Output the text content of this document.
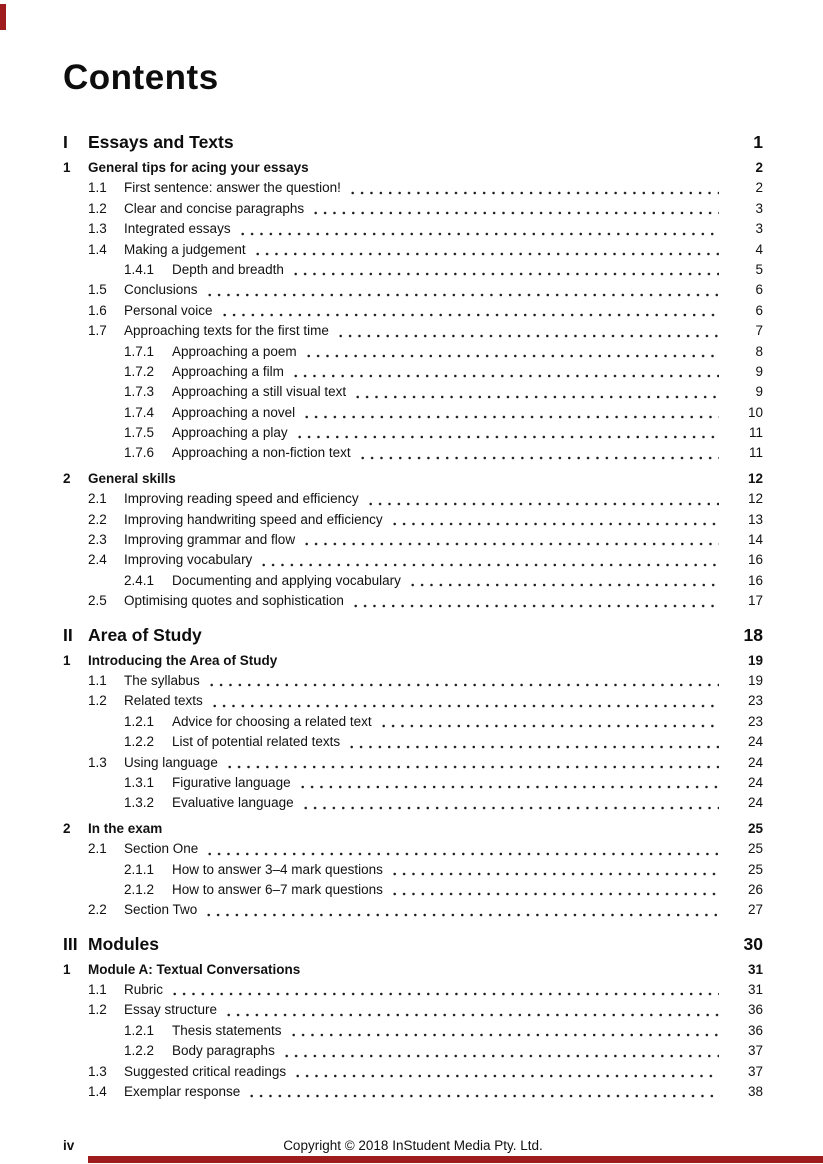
Contents
I	Essays and Texts	1
1	General tips for acing your essays	2
1.1	First sentence: answer the question!	2
1.2	Clear and concise paragraphs	3
1.3	Integrated essays	3
1.4	Making a judgement	4
1.4.1	Depth and breadth	5
1.5	Conclusions	6
1.6	Personal voice	6
1.7	Approaching texts for the first time	7
1.7.1	Approaching a poem	8
1.7.2	Approaching a film	9
1.7.3	Approaching a still visual text	9
1.7.4	Approaching a novel	10
1.7.5	Approaching a play	11
1.7.6	Approaching a non-fiction text	11
2	General skills	12
2.1	Improving reading speed and efficiency	12
2.2	Improving handwriting speed and efficiency	13
2.3	Improving grammar and flow	14
2.4	Improving vocabulary	16
2.4.1	Documenting and applying vocabulary	16
2.5	Optimising quotes and sophistication	17
II Area of Study	18
1	Introducing the Area of Study	19
1.1	The syllabus	19
1.2	Related texts	23
1.2.1	Advice for choosing a related text	23
1.2.2	List of potential related texts	24
1.3	Using language	24
1.3.1	Figurative language	24
1.3.2	Evaluative language	24
2	In the exam	25
2.1	Section One	25
2.1.1	How to answer 3–4 mark questions	25
2.1.2	How to answer 6–7 mark questions	26
2.2	Section Two	27
III Modules	30
1	Module A: Textual Conversations	31
1.1	Rubric	31
1.2	Essay structure	36
1.2.1	Thesis statements	36
1.2.2	Body paragraphs	37
1.3	Suggested critical readings	37
1.4	Exemplar response	38
iv	Copyright © 2018 InStudent Media Pty. Ltd.
